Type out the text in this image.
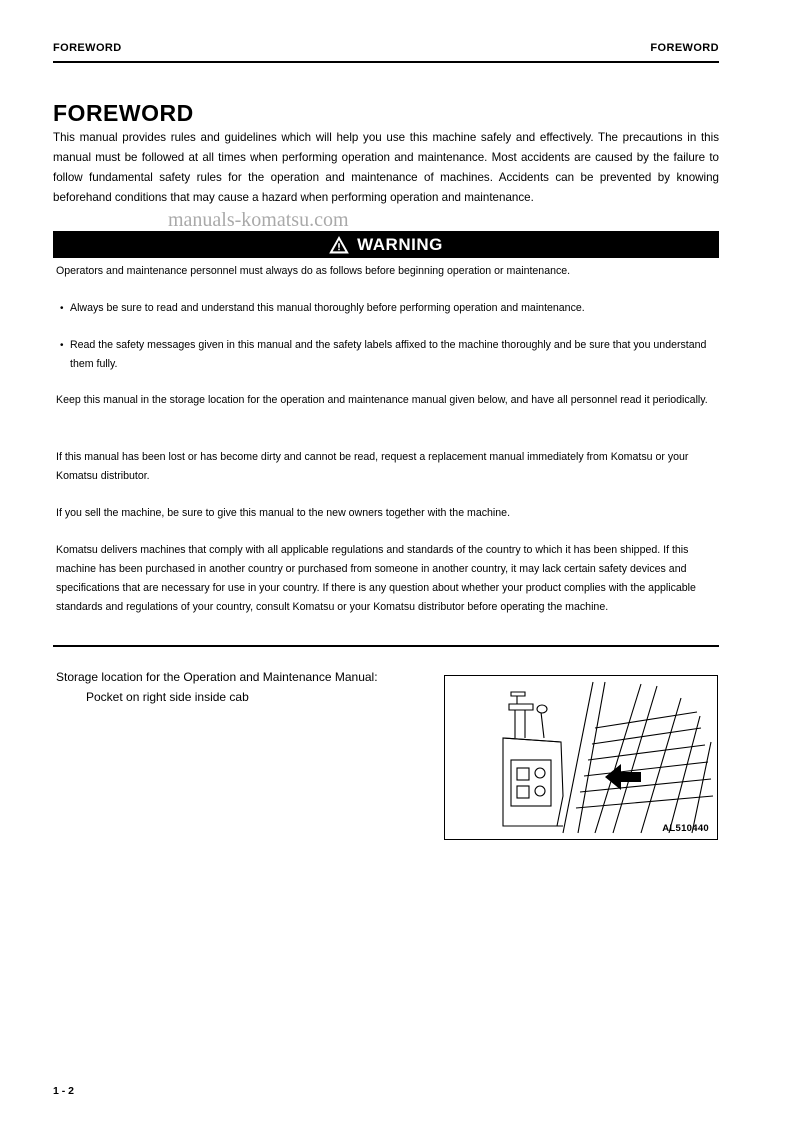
FOREWORD	FOREWORD
FOREWORD
This manual provides rules and guidelines which will help you use this machine safely and effectively. The precautions in this manual must be followed at all times when performing operation and maintenance. Most accidents are caused by the failure to follow fundamental safety rules for the operation and maintenance of machines. Accidents can be prevented by knowing beforehand conditions that may cause a hazard when performing operation and maintenance.
manuals-komatsu.com
WARNING
Operators and maintenance personnel must always do as follows before beginning operation or maintenance.
• Always be sure to read and understand this manual thoroughly before performing operation and maintenance.
• Read the safety messages given in this manual and the safety labels affixed to the machine thoroughly and be sure that you understand them fully.
Keep this manual in the storage location for the operation and maintenance manual given below, and have all personnel read it periodically.
If this manual has been lost or has become dirty and cannot be read, request a replacement manual immediately from Komatsu or your Komatsu distributor.
If you sell the machine, be sure to give this manual to the new owners together with the machine.
Komatsu delivers machines that comply with all applicable regulations and standards of the country to which it has been shipped. If this machine has been purchased in another country or purchased from someone in another country, it may lack certain safety devices and specifications that are necessary for use in your country. If there is any question about whether your product complies with the applicable standards and regulations of your country, consult Komatsu or your Komatsu distributor before operating the machine.
Storage location for the Operation and Maintenance Manual:
Pocket on right side inside cab
AL510440
1 - 2
